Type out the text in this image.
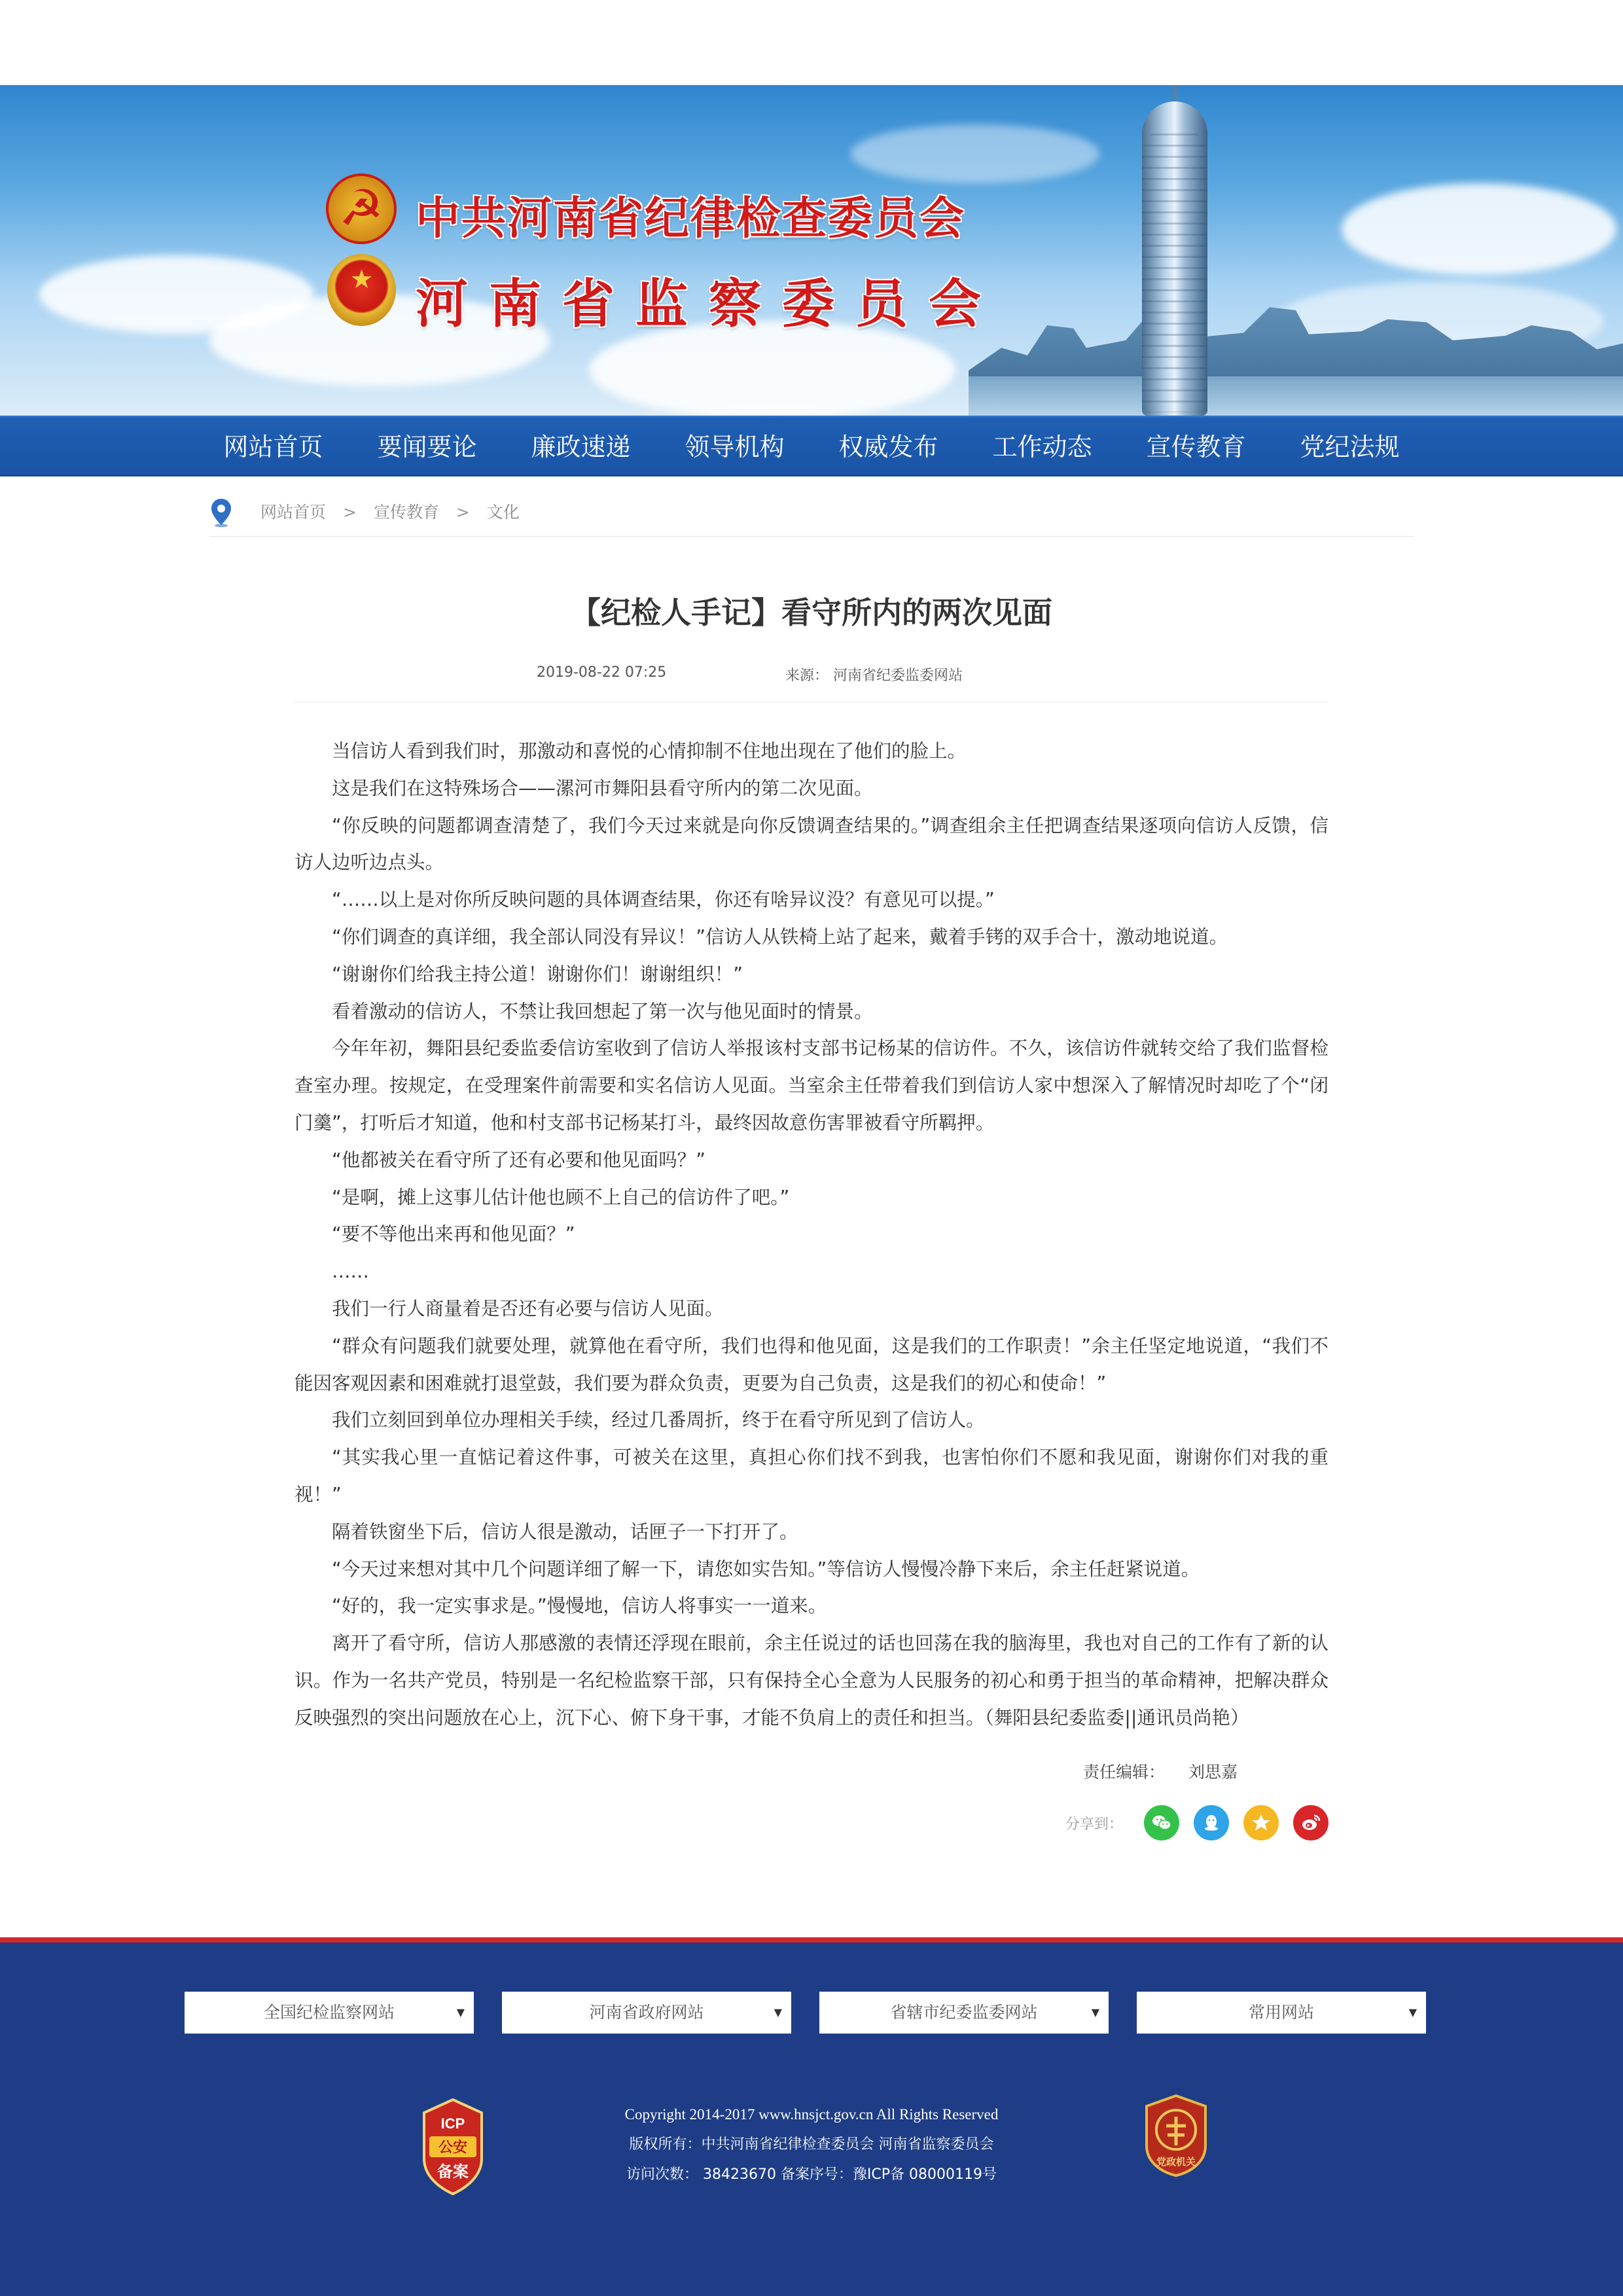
☭
★
中共河南省纪律检查委员会
河南省监察委员会
网站首页	要闻要论	廉政速递	领导机构	权威发布	工作动态	宣传教育	党纪法规
网站首页 > 宣传教育 > 文化
【纪检人手记】看守所内的两次见面
2019-08-22 07:25	来源： 河南省纪委监委网站

当信访人看到我们时，那激动和喜悦的心情抑制不住地出现在了他们的脸上。

这是我们在这特殊场合——漯河市舞阳县看守所内的第二次见面。

“你反映的问题都调查清楚了，我们今天过来就是向你反馈调查结果的。”调查组余主任把调查结果逐项向信访人反馈，信访人边听边点头。

“……以上是对你所反映问题的具体调查结果，你还有啥异议没？有意见可以提。”

“你们调查的真详细，我全部认同没有异议！”信访人从铁椅上站了起来，戴着手铐的双手合十，激动地说道。

“谢谢你们给我主持公道！谢谢你们！谢谢组织！”

看着激动的信访人，不禁让我回想起了第一次与他见面时的情景。

今年年初，舞阳县纪委监委信访室收到了信访人举报该村支部书记杨某的信访件。不久，该信访件就转交给了我们监督检查室办理。按规定，在受理案件前需要和实名信访人见面。当室余主任带着我们到信访人家中想深入了解情况时却吃了个“闭门羹”，打听后才知道，他和村支部书记杨某打斗，最终因故意伤害罪被看守所羁押。

“他都被关在看守所了还有必要和他见面吗？”

“是啊，摊上这事儿估计他也顾不上自己的信访件了吧。”

“要不等他出来再和他见面？”

……

我们一行人商量着是否还有必要与信访人见面。

“群众有问题我们就要处理，就算他在看守所，我们也得和他见面，这是我们的工作职责！”余主任坚定地说道，“我们不能因客观因素和困难就打退堂鼓，我们要为群众负责，更要为自己负责，这是我们的初心和使命！”

我们立刻回到单位办理相关手续，经过几番周折，终于在看守所见到了信访人。

“其实我心里一直惦记着这件事，可被关在这里，真担心你们找不到我，也害怕你们不愿和我见面，谢谢你们对我的重视！”

隔着铁窗坐下后，信访人很是激动，话匣子一下打开了。

“今天过来想对其中几个问题详细了解一下，请您如实告知。”等信访人慢慢冷静下来后，余主任赶紧说道。

“好的，我一定实事求是。”慢慢地，信访人将事实一一道来。

离开了看守所，信访人那感激的表情还浮现在眼前，余主任说过的话也回荡在我的脑海里，我也对自己的工作有了新的认识。作为一名共产党员，特别是一名纪检监察干部，只有保持全心全意为人民服务的初心和勇于担当的革命精神，把解决群众反映强烈的突出问题放在心上，沉下心、俯下身干事，才能不负肩上的责任和担当。（舞阳县纪委监委||通讯员尚艳）

责任编辑： 刘思嘉
分享到：
全国纪检监察网站	▼	河南省政府网站	▼	省辖市纪委监委网站	▼	常用网站	▼
ICP
公安
备案
Copyright 2014-2017 www.hnsjct.gov.cn All Rights Reserved
版权所有：中共河南省纪律检查委员会 河南省监察委员会
访问次数： 38423670 备案序号：豫ICP备 08000119号
党政机关
